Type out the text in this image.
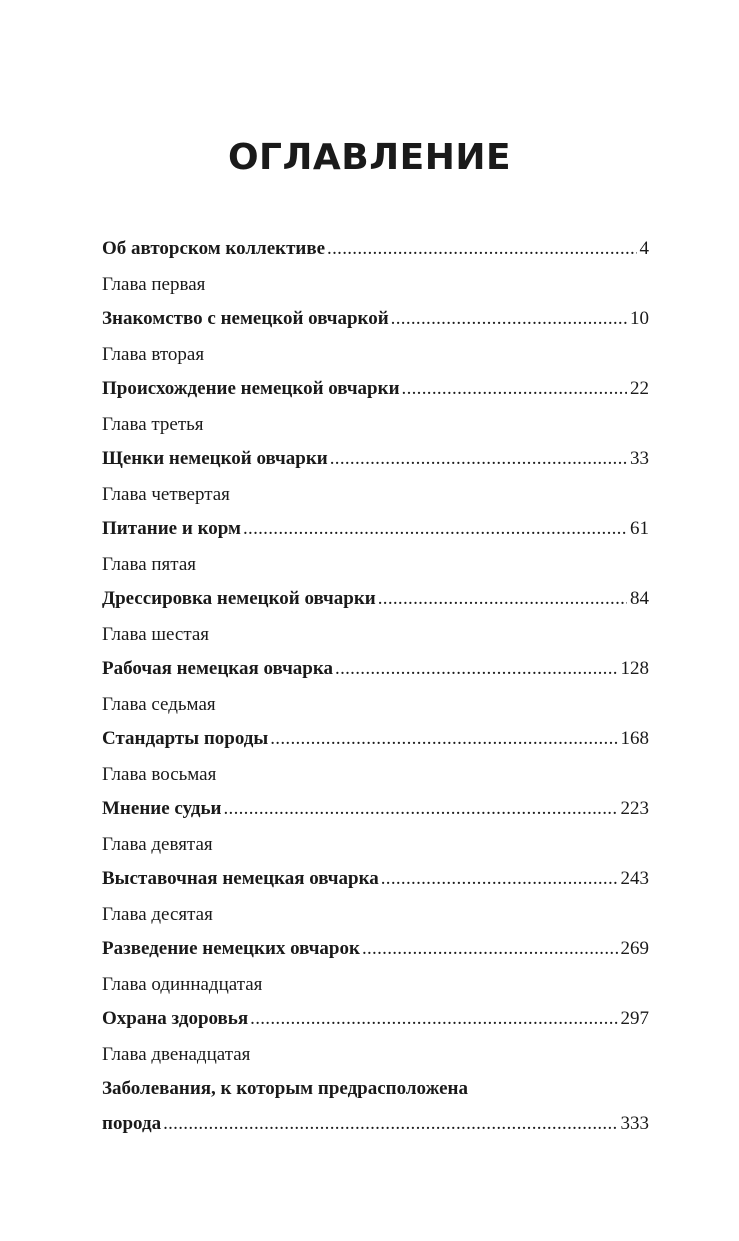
ОГЛАВЛЕНИЕ
Об авторском коллективе .....	4
Глава первая
Знакомство с немецкой овчаркой .....	10
Глава вторая
Происхождение немецкой овчарки .....	22
Глава третья
Щенки немецкой овчарки .....	33
Глава четвертая
Питание и корм .....	61
Глава пятая
Дрессировка немецкой овчарки .....	84
Глава шестая
Рабочая немецкая овчарка .....	128
Глава седьмая
Стандарты породы .....	168
Глава восьмая
Мнение судьи .....	223
Глава девятая
Выставочная немецкая овчарка .....	243
Глава десятая
Разведение немецких овчарок .....	269
Глава одиннадцатая
Охрана здоровья .....	297
Глава двенадцатая
Заболевания, к которым предрасположена
порода .....	333
